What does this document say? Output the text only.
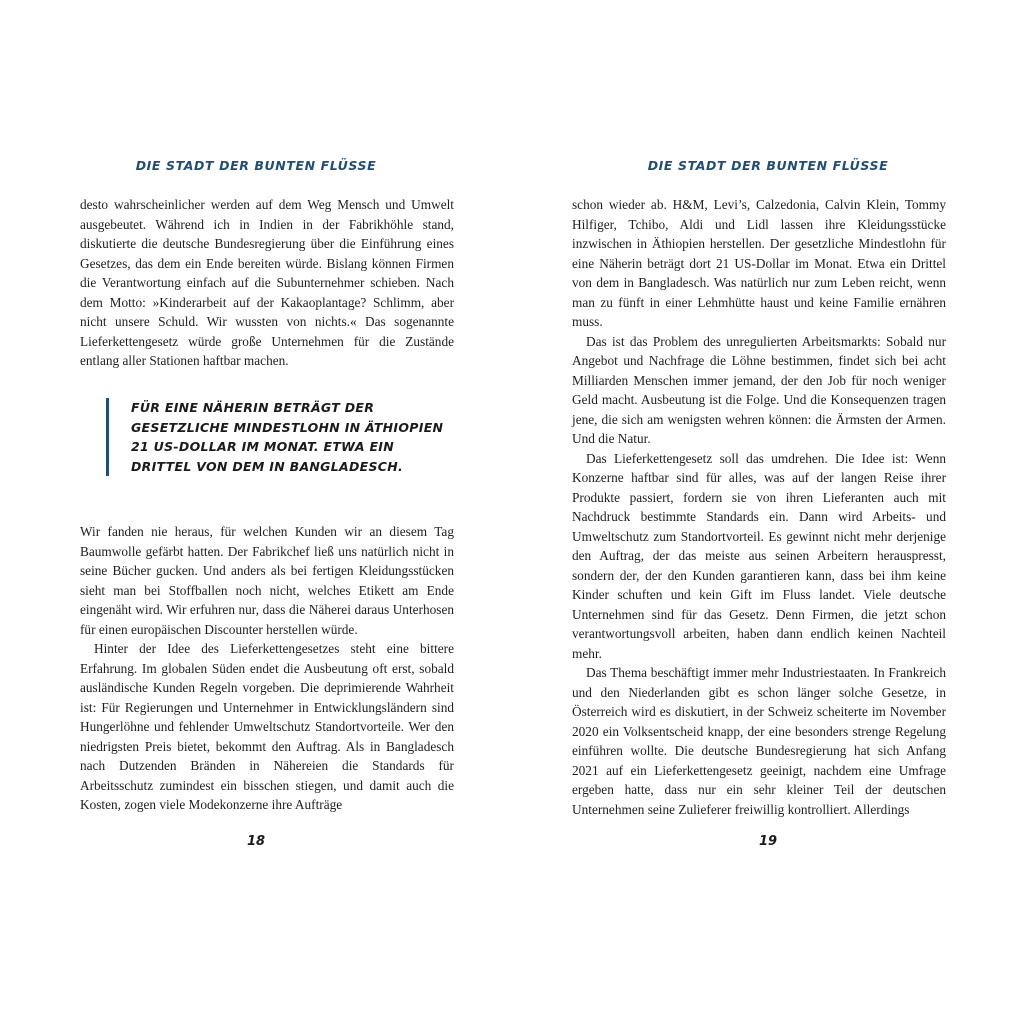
DIE STADT DER BUNTEN FLÜSSE

desto wahrscheinlicher werden auf dem Weg Mensch und Umwelt ausgebeutet. Während ich in Indien in der Fabrikhöhle stand, diskutierte die deutsche Bundesregierung über die Einführung eines Gesetzes, das dem ein Ende bereiten würde. Bislang können Firmen die Verantwortung einfach auf die Subunternehmer schieben. Nach dem Motto: »Kinderarbeit auf der Kakaoplantage? Schlimm, aber nicht unsere Schuld. Wir wussten von nichts.« Das sogenannte Lieferkettengesetz würde große Unternehmen für die Zustände entlang aller Stationen haftbar machen.

FÜR EINE NÄHERIN BETRÄGT DER
GESETZLICHE MINDESTLOHN IN ÄTHIOPIEN
21 US-DOLLAR IM MONAT. ETWA EIN
DRITTEL VON DEM IN BANGLADESCH.

Wir fanden nie heraus, für welchen Kunden wir an diesem Tag Baumwolle gefärbt hatten. Der Fabrikchef ließ uns natürlich nicht in seine Bücher gucken. Und anders als bei fertigen Kleidungsstücken sieht man bei Stoffballen noch nicht, welches Etikett am Ende eingenäht wird. Wir erfuhren nur, dass die Näherei daraus Unterhosen für einen europäischen Discounter herstellen würde.

Hinter der Idee des Lieferkettengesetzes steht eine bittere Erfahrung. Im globalen Süden endet die Ausbeutung oft erst, sobald ausländische Kunden Regeln vorgeben. Die deprimierende Wahrheit ist: Für Regierungen und Unternehmer in Entwicklungsländern sind Hungerlöhne und fehlender Umweltschutz Standortvorteile. Wer den niedrigsten Preis bietet, bekommt den Auftrag. Als in Bangladesch nach Dutzenden Bränden in Nähereien die Standards für Arbeitsschutz zumindest ein bisschen stiegen, und damit auch die Kosten, zogen viele Modekonzerne ihre Aufträge

18
DIE STADT DER BUNTEN FLÜSSE

schon wieder ab. H&M, Levi’s, Calzedonia, Calvin Klein, Tommy Hilfiger, Tchibo, Aldi und Lidl lassen ihre Kleidungsstücke inzwischen in Äthiopien herstellen. Der gesetzliche Mindestlohn für eine Näherin beträgt dort 21 US-Dollar im Monat. Etwa ein Drittel von dem in Bangladesch. Was natürlich nur zum Leben reicht, wenn man zu fünft in einer Lehmhütte haust und keine Familie ernähren muss.

Das ist das Problem des unregulierten Arbeitsmarkts: Sobald nur Angebot und Nachfrage die Löhne bestimmen, findet sich bei acht Milliarden Menschen immer jemand, der den Job für noch weniger Geld macht. Ausbeutung ist die Folge. Und die Konsequenzen tragen jene, die sich am wenigsten wehren können: die Ärmsten der Armen. Und die Natur.

Das Lieferkettengesetz soll das umdrehen. Die Idee ist: Wenn Konzerne haftbar sind für alles, was auf der langen Reise ihrer Produkte passiert, fordern sie von ihren Lieferanten auch mit Nachdruck bestimmte Standards ein. Dann wird Arbeits- und Umweltschutz zum Standortvorteil. Es gewinnt nicht mehr derjenige den Auftrag, der das meiste aus seinen Arbeitern herauspresst, sondern der, der den Kunden garantieren kann, dass bei ihm keine Kinder schuften und kein Gift im Fluss landet. Viele deutsche Unternehmen sind für das Gesetz. Denn Firmen, die jetzt schon verantwortungsvoll arbeiten, haben dann endlich keinen Nachteil mehr.

Das Thema beschäftigt immer mehr Industriestaaten. In Frankreich und den Niederlanden gibt es schon länger solche Gesetze, in Österreich wird es diskutiert, in der Schweiz scheiterte im November 2020 ein Volksentscheid knapp, der eine besonders strenge Regelung einführen wollte. Die deutsche Bundesregierung hat sich Anfang 2021 auf ein Lieferkettengesetz geeinigt, nachdem eine Umfrage ergeben hatte, dass nur ein sehr kleiner Teil der deutschen Unternehmen seine Zulieferer freiwillig kontrolliert. Allerdings

19
